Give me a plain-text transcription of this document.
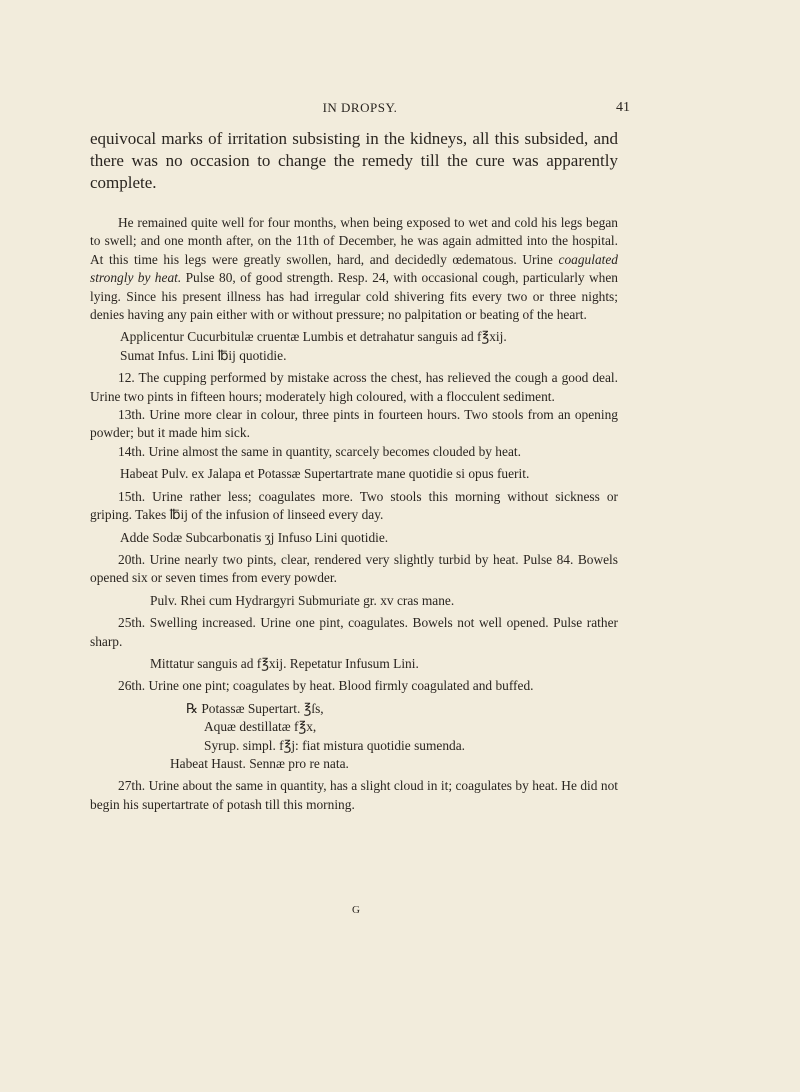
IN DROPSY.	41

equivocal marks of irritation subsisting in the kidneys, all this subsided, and there was no occasion to change the remedy till the cure was apparently complete.

He remained quite well for four months, when being exposed to wet and cold his legs began to swell; and one month after, on the 11th of December, he was again admitted into the hospital. At this time his legs were greatly swollen, hard, and decidedly œdematous. Urine coagulated strongly by heat. Pulse 80, of good strength. Resp. 24, with occasional cough, particularly when lying. Since his present illness has had irregular cold shivering fits every two or three nights; denies having any pain either with or without pressure; no palpitation or beating of the heart.

Applicentur Cucurbitulæ cruentæ Lumbis et detrahatur sanguis ad f℥xij.

Sumat Infus. Lini ℔ij quotidie.

12. The cupping performed by mistake across the chest, has relieved the cough a good deal. Urine two pints in fifteen hours; moderately high coloured, with a flocculent sediment.

13th. Urine more clear in colour, three pints in fourteen hours. Two stools from an opening powder; but it made him sick.

14th. Urine almost the same in quantity, scarcely becomes clouded by heat.

Habeat Pulv. ex Jalapa et Potassæ Supertartrate mane quotidie si opus fuerit.

15th. Urine rather less; coagulates more. Two stools this morning without sickness or griping. Takes ℔ij of the infusion of linseed every day.

Adde Sodæ Subcarbonatis ʒj Infuso Lini quotidie.

20th. Urine nearly two pints, clear, rendered very slightly turbid by heat. Pulse 84. Bowels opened six or seven times from every powder.

Pulv. Rhei cum Hydrargyri Submuriate gr. xv cras mane.

25th. Swelling increased. Urine one pint, coagulates. Bowels not well opened. Pulse rather sharp.

Mittatur sanguis ad f℥xij. Repetatur Infusum Lini.

26th. Urine one pint; coagulates by heat. Blood firmly coagulated and buffed.

℞ Potassæ Supertart. ℥ſs,

Aquæ destillatæ f℥x,

Syrup. simpl. f℥j: fiat mistura quotidie sumenda.

Habeat Haust. Sennæ pro re nata.

27th. Urine about the same in quantity, has a slight cloud in it; coagulates by heat. He did not begin his supertartrate of potash till this morning.

G
